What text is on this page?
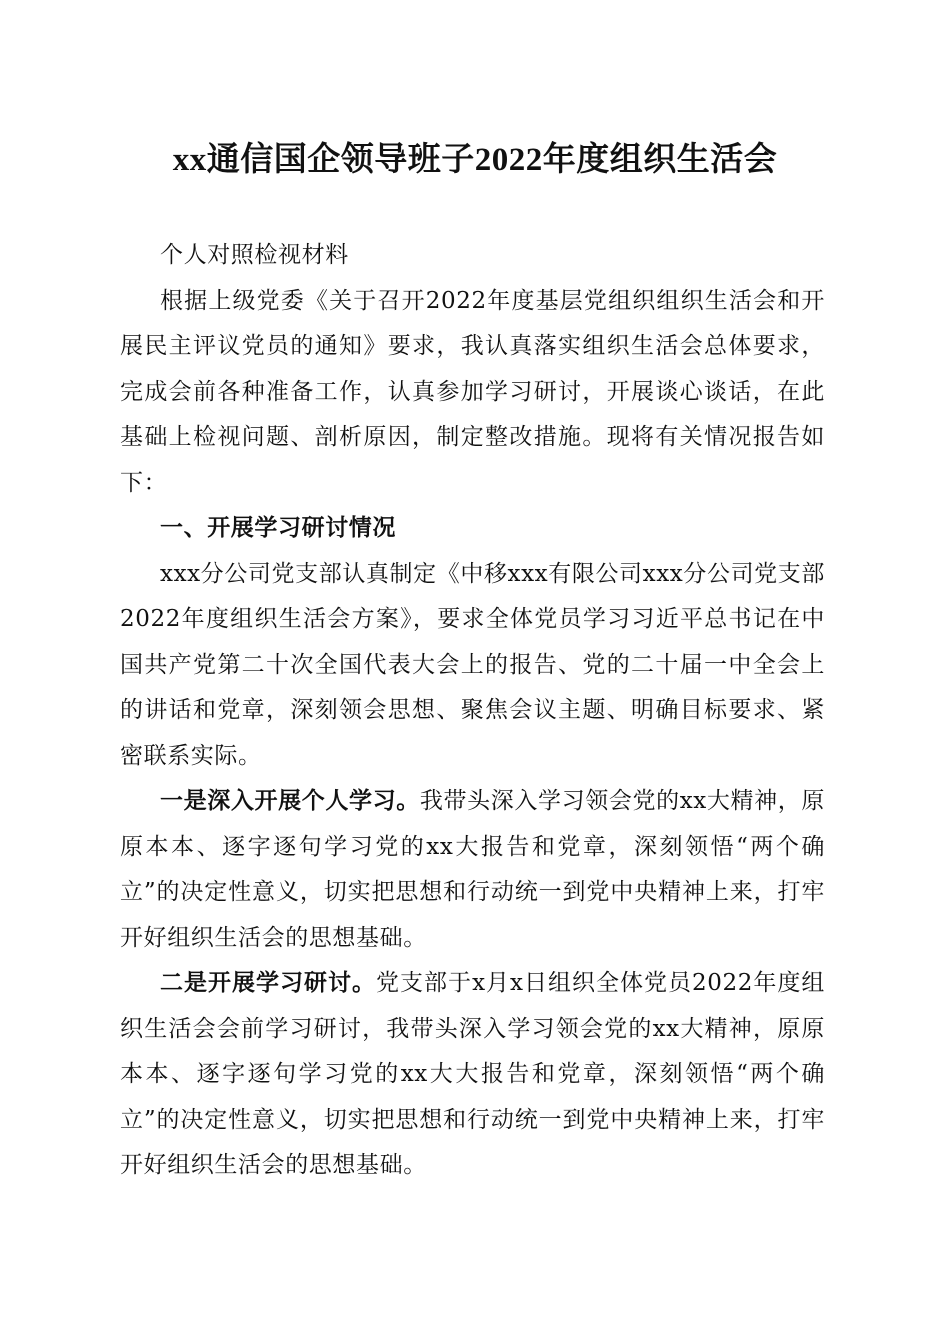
xx通信国企领导班子2022年度组织生活会

个人对照检视材料

根据上级党委《关于召开2022年度基层党组织组织生活会和开展民主评议党员的通知》要求，我认真落实组织生活会总体要求，完成会前各种准备工作，认真参加学习研讨，开展谈心谈话，在此基础上检视问题、剖析原因，制定整改措施。现将有关情况报告如下：

一、开展学习研讨情况

xxx分公司党支部认真制定《中移xxx有限公司xxx分公司党支部2022年度组织生活会方案》，要求全体党员学习习近平总书记在中国共产党第二十次全国代表大会上的报告、党的二十届一中全会上的讲话和党章，深刻领会思想、聚焦会议主题、明确目标要求、紧密联系实际。

一是深入开展个人学习。我带头深入学习领会党的xx大精神，原原本本、逐字逐句学习党的xx大报告和党章，深刻领悟“两个确立”的决定性意义，切实把思想和行动统一到党中央精神上来，打牢开好组织生活会的思想基础。

二是开展学习研讨。党支部于x月x日组织全体党员2022年度组织生活会会前学习研讨，我带头深入学习领会党的xx大精神，原原本本、逐字逐句学习党的xx大大报告和党章，深刻领悟“两个确立”的决定性意义，切实把思想和行动统一到党中央精神上来，打牢开好组织生活会的思想基础。
